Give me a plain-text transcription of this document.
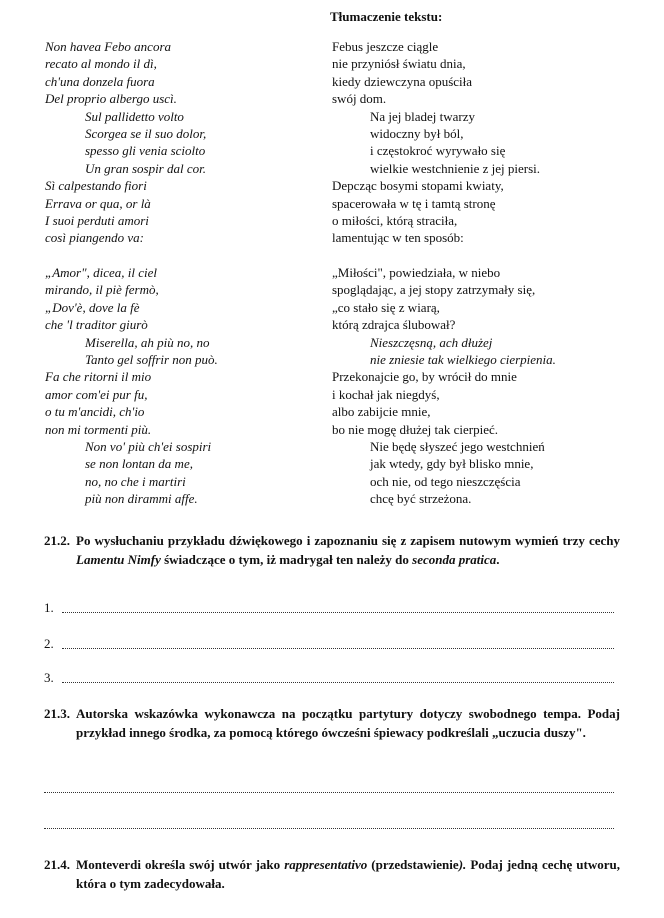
Tłumaczenie tekstu:
Non havea Febo ancora
recato al mondo il dì,
ch'una donzela fuora
Del proprio albergo uscì.
Sul pallidetto volto
Scorgea se il suo dolor,
spesso gli venia sciolto
Un gran sospir dal cor.
Sì calpestando fiori
Errava or qua, or là
I suoi perduti amori
così piangendo va:
„Amor", dicea, il ciel
mirando, il piè fermò,
„Dov'è, dove la fè
che 'l traditor giurò
Miserella, ah più no, no
Tanto gel soffrir non può.
Fa che ritorni il mio
amor com'ei pur fu,
o tu m'ancidi, ch'io
non mi tormenti più.
Non vo' più ch'ei sospiri
se non lontan da me,
no, no che i martiri
più non dirammi affe.
Febus jeszcze ciągle
nie przyniósł światu dnia,
kiedy dziewczyna opuściła
swój dom.
Na jej bladej twarzy
widoczny był ból,
i częstokroć wyrywało się
wielkie westchnienie z jej piersi.
Depcząc bosymi stopami kwiaty,
spacerowała w tę i tamtą stronę
o miłości, którą straciła,
lamentując w ten sposób:
„Miłości", powiedziała, w niebo
spoglądając, a jej stopy zatrzymały się,
„co stało się z wiarą,
którą zdrajca ślubował?
Nieszczęsną, ach dłużej
nie zniesie tak wielkiego cierpienia.
Przekonajcie go, by wrócił do mnie
i kochał jak niegdyś,
albo zabijcie mnie,
bo nie mogę dłużej tak cierpieć.
Nie będę słyszeć jego westchnień
jak wtedy, gdy był blisko mnie,
och nie, od tego nieszczęścia
chcę być strzeżona.
21.2. Po wysłuchaniu przykładu dźwiękowego i zapoznaniu się z zapisem nutowym wymień trzy cechy Lamentu Nimfy świadczące o tym, iż madrygał ten należy do seconda pratica.
1.
2.
3.
21.3. Autorska wskazówka wykonawcza na początku partytury dotyczy swobodnego tempa. Podaj przykład innego środka, za pomocą którego ówcześni śpiewacy podkreślali „uczucia duszy".
21.4. Monteverdi określa swój utwór jako rappresentativo (przedstawienie). Podaj jedną cechę utworu, która o tym zadecydowała.
